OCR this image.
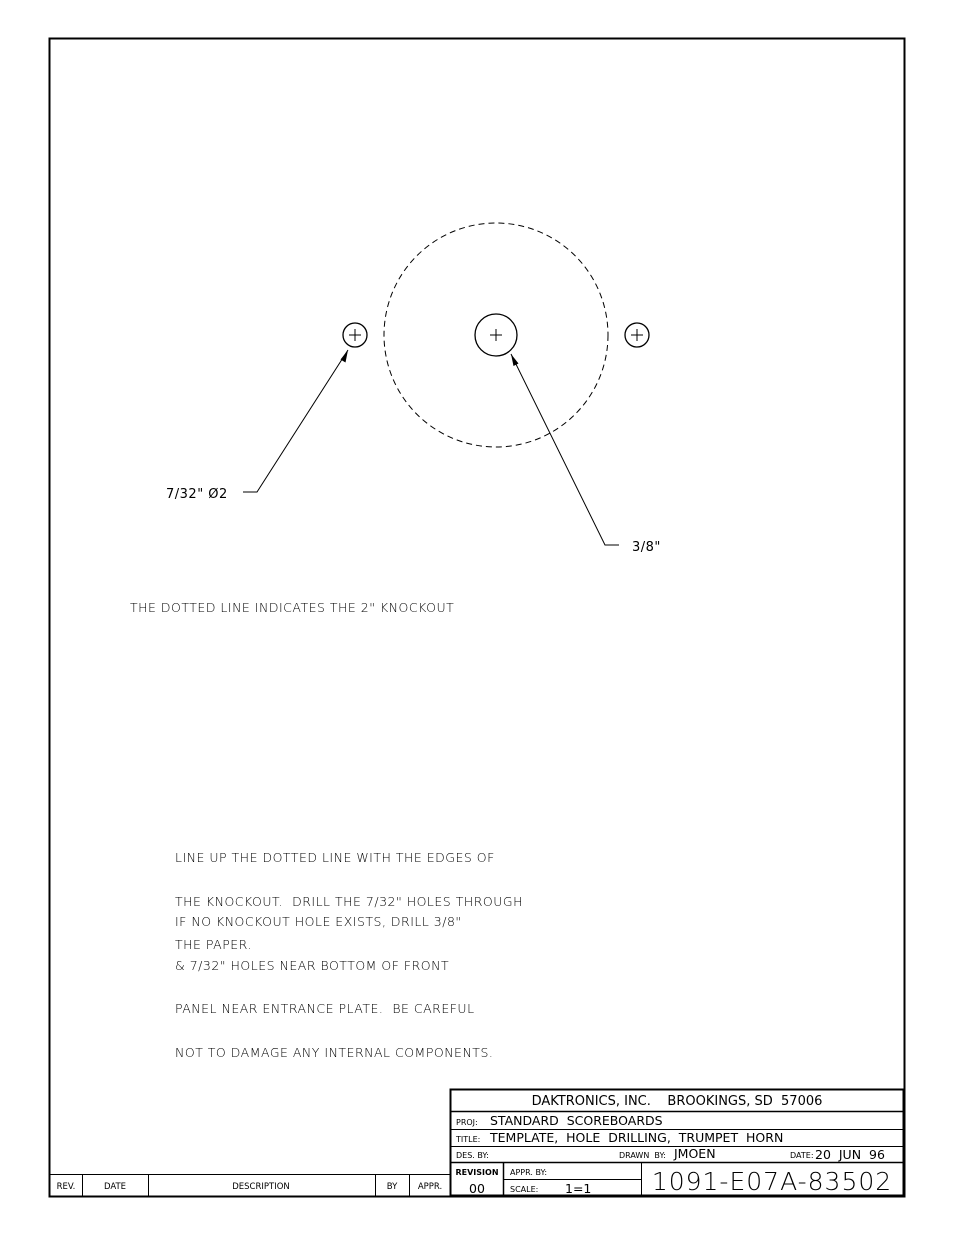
7/32" Ø2
3/8"
REV.	DATE	DESCRIPTION	BY APPR.
DAKTRONICS, INC.    BROOKINGS, SD  57006
PROJ: STANDARD  SCOREBOARDS
TITLE: TEMPLATE,  HOLE  DRILLING,  TRUMPET  HORN
DES. BY:	DRAWN  BY: JMOEN	DATE: 20  JUN  96
REVISION
00
APPR. BY:
SCALE: 1=1 1091-E07A-83502
THE DOTTED LINE INDICATES THE 2" KNOCKOUT

LINE UP THE DOTTED LINE WITH THE EDGES OF

THE KNOCKOUT.  DRILL THE 7/32" HOLES THROUGH

THE PAPER.

IF NO KNOCKOUT HOLE EXISTS, DRILL 3/8"

& 7/32" HOLES NEAR BOTTOM OF FRONT

PANEL NEAR ENTRANCE PLATE.  BE CAREFUL

NOT TO DAMAGE ANY INTERNAL COMPONENTS.
